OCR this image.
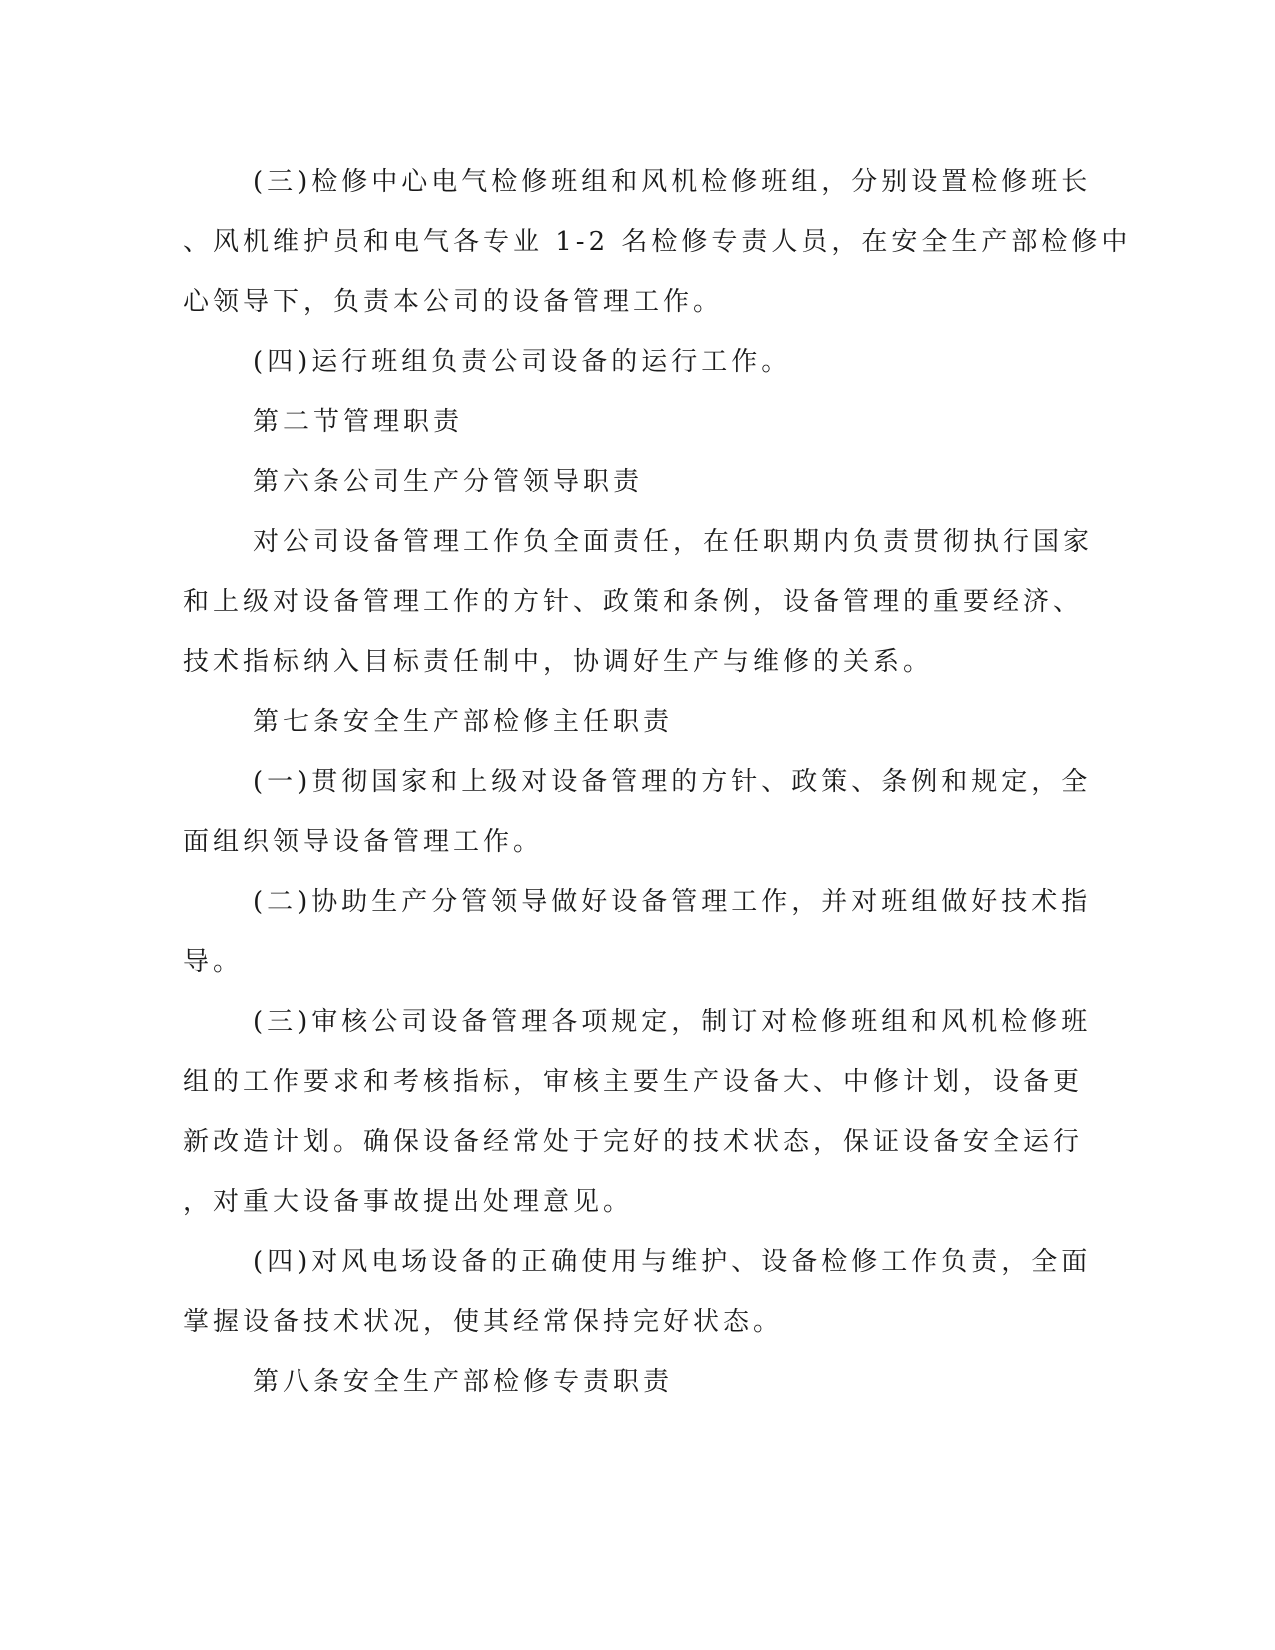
(三)检修中心电气检修班组和风机检修班组，分别设置检修班长

、风机维护员和电气各专业 1-2 名检修专责人员，在安全生产部检修中

心领导下，负责本公司的设备管理工作。

(四)运行班组负责公司设备的运行工作。

第二节管理职责

第六条公司生产分管领导职责

对公司设备管理工作负全面责任，在任职期内负责贯彻执行国家

和上级对设备管理工作的方针、政策和条例，设备管理的重要经济、

技术指标纳入目标责任制中，协调好生产与维修的关系。

第七条安全生产部检修主任职责

(一)贯彻国家和上级对设备管理的方针、政策、条例和规定，全

面组织领导设备管理工作。

(二)协助生产分管领导做好设备管理工作，并对班组做好技术指

导。

(三)审核公司设备管理各项规定，制订对检修班组和风机检修班

组的工作要求和考核指标，审核主要生产设备大、中修计划，设备更

新改造计划。确保设备经常处于完好的技术状态，保证设备安全运行

，对重大设备事故提出处理意见。

(四)对风电场设备的正确使用与维护、设备检修工作负责，全面

掌握设备技术状况，使其经常保持完好状态。

第八条安全生产部检修专责职责
